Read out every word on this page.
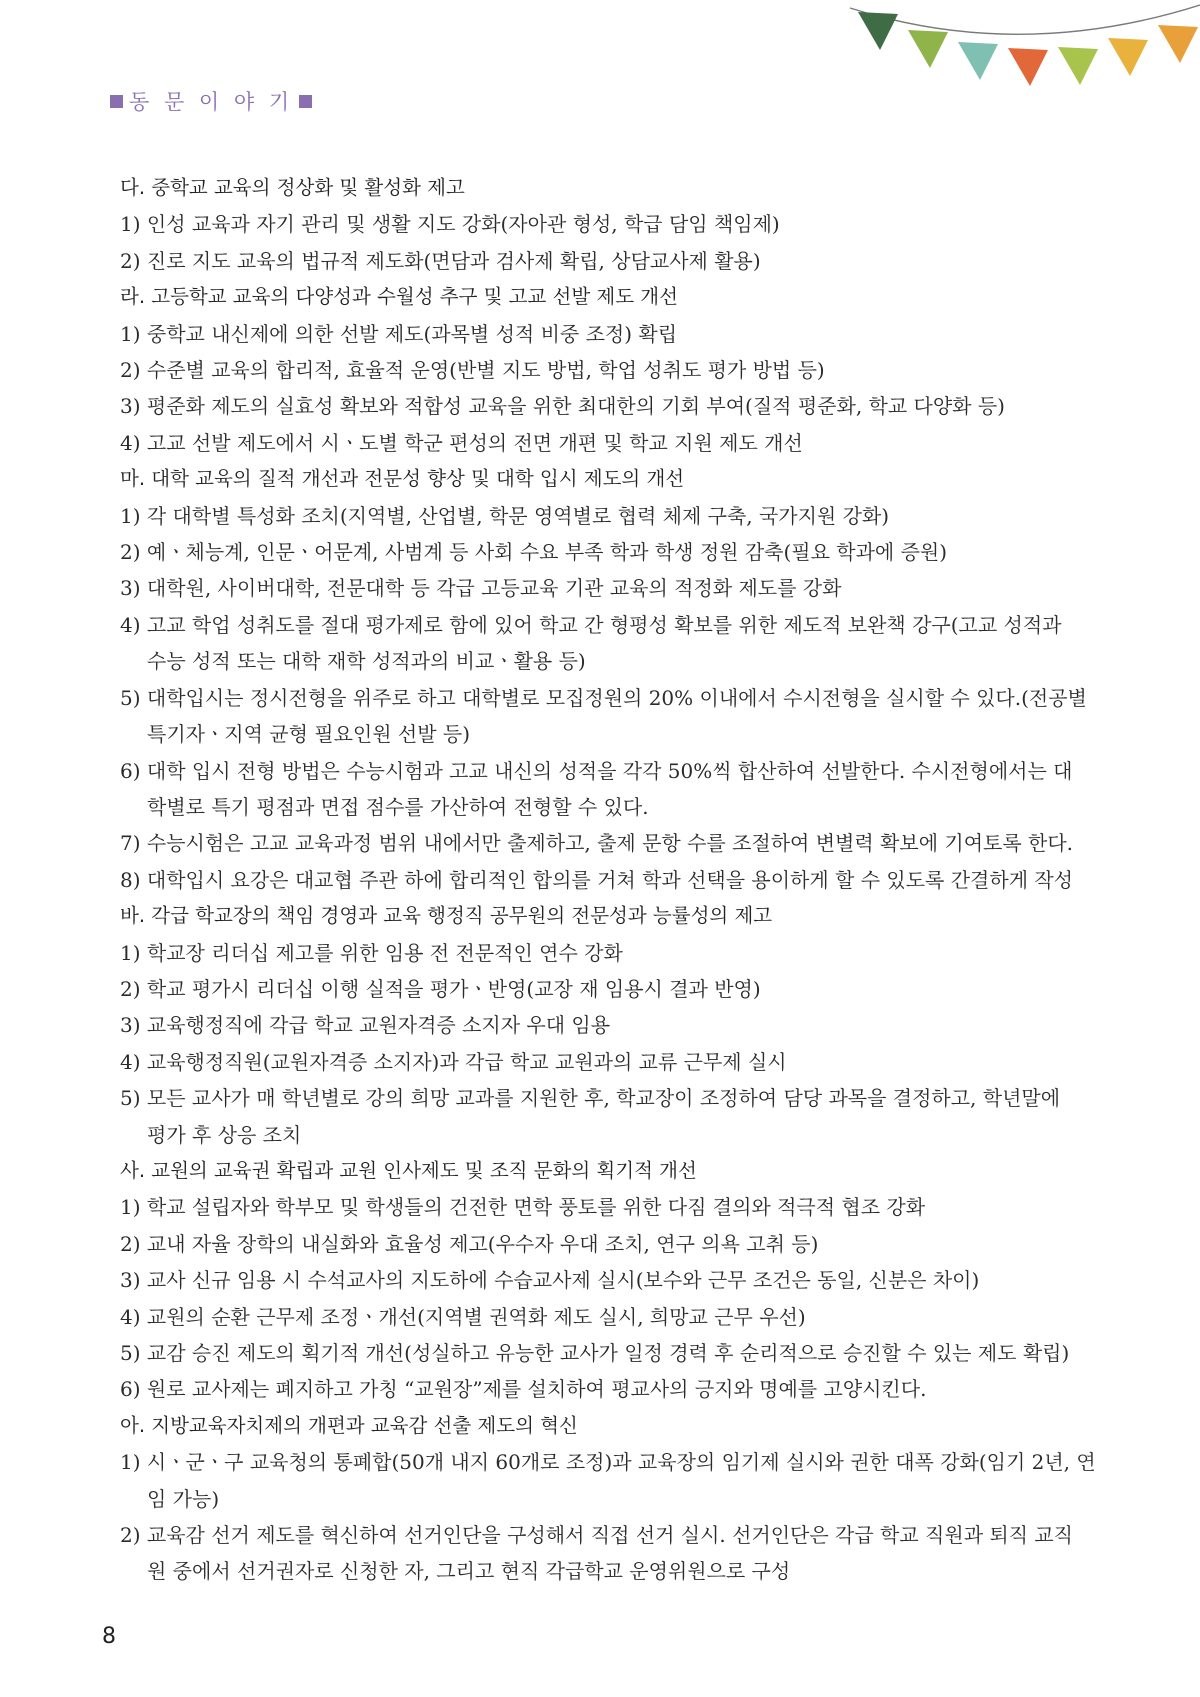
동 문 이 야 기
다. 중학교 교육의 정상화 및 활성화 제고
1) 인성 교육과 자기 관리 및 생활 지도 강화(자아관 형성, 학급 담임 책임제)
2) 진로 지도 교육의 법규적 제도화(면담과 검사제 확립, 상담교사제 활용)
라. 고등학교 교육의 다양성과 수월성 추구 및 고교 선발 제도 개선
1) 중학교 내신제에 의한 선발 제도(과목별 성적 비중 조정) 확립
2) 수준별 교육의 합리적, 효율적 운영(반별 지도 방법, 학업 성취도 평가 방법 등)
3) 평준화 제도의 실효성 확보와 적합성 교육을 위한 최대한의 기회 부여(질적 평준화, 학교 다양화 등)
4) 고교 선발 제도에서 시ㆍ도별 학군 편성의 전면 개편 및 학교 지원 제도 개선
마. 대학 교육의 질적 개선과 전문성 향상 및 대학 입시 제도의 개선
1) 각 대학별 특성화 조치(지역별, 산업별, 학문 영역별로 협력 체제 구축, 국가지원 강화)
2) 예ㆍ체능계, 인문ㆍ어문계, 사범계 등 사회 수요 부족 학과 학생 정원 감축(필요 학과에 증원)
3) 대학원, 사이버대학, 전문대학 등 각급 고등교육 기관 교육의 적정화 제도를 강화
4) 고교 학업 성취도를 절대 평가제로 함에 있어 학교 간 형평성 확보를 위한 제도적 보완책 강구(고교 성적과
수능 성적 또는 대학 재학 성적과의 비교ㆍ활용 등)
5) 대학입시는 정시전형을 위주로 하고 대학별로 모집정원의 20% 이내에서 수시전형을 실시할 수 있다.(전공별
특기자ㆍ지역 균형 필요인원 선발 등)
6) 대학 입시 전형 방법은 수능시험과 고교 내신의 성적을 각각 50%씩 합산하여 선발한다. 수시전형에서는 대
학별로 특기 평점과 면접 점수를 가산하여 전형할 수 있다.
7) 수능시험은 고교 교육과정 범위 내에서만 출제하고, 출제 문항 수를 조절하여 변별력 확보에 기여토록 한다.
8) 대학입시 요강은 대교협 주관 하에 합리적인 합의를 거쳐 학과 선택을 용이하게 할 수 있도록 간결하게 작성
바. 각급 학교장의 책임 경영과 교육 행정직 공무원의 전문성과 능률성의 제고
1) 학교장 리더십 제고를 위한 임용 전 전문적인 연수 강화
2) 학교 평가시 리더십 이행 실적을 평가ㆍ반영(교장 재 임용시 결과 반영)
3) 교육행정직에 각급 학교 교원자격증 소지자 우대 임용
4) 교육행정직원(교원자격증 소지자)과 각급 학교 교원과의 교류 근무제 실시
5) 모든 교사가 매 학년별로 강의 희망 교과를 지원한 후, 학교장이 조정하여 담당 과목을 결정하고, 학년말에
평가 후 상응 조치
사. 교원의 교육권 확립과 교원 인사제도 및 조직 문화의 획기적 개선
1) 학교 설립자와 학부모 및 학생들의 건전한 면학 풍토를 위한 다짐 결의와 적극적 협조 강화
2) 교내 자율 장학의 내실화와 효율성 제고(우수자 우대 조치, 연구 의욕 고취 등)
3) 교사 신규 임용 시 수석교사의 지도하에 수습교사제 실시(보수와 근무 조건은 동일, 신분은 차이)
4) 교원의 순환 근무제 조정ㆍ개선(지역별 권역화 제도 실시, 희망교 근무 우선)
5) 교감 승진 제도의 획기적 개선(성실하고 유능한 교사가 일정 경력 후 순리적으로 승진할 수 있는 제도 확립)
6) 원로 교사제는 폐지하고 가칭 “교원장”제를 설치하여 평교사의 긍지와 명예를 고양시킨다.
아. 지방교육자치제의 개편과 교육감 선출 제도의 혁신
1) 시ㆍ군ㆍ구 교육청의 통폐합(50개 내지 60개로 조정)과 교육장의 임기제 실시와 권한 대폭 강화(임기 2년, 연
임 가능)
2) 교육감 선거 제도를 혁신하여 선거인단을 구성해서 직접 선거 실시. 선거인단은 각급 학교 직원과 퇴직 교직
원 중에서 선거권자로 신청한 자, 그리고 현직 각급학교 운영위원으로 구성
8
